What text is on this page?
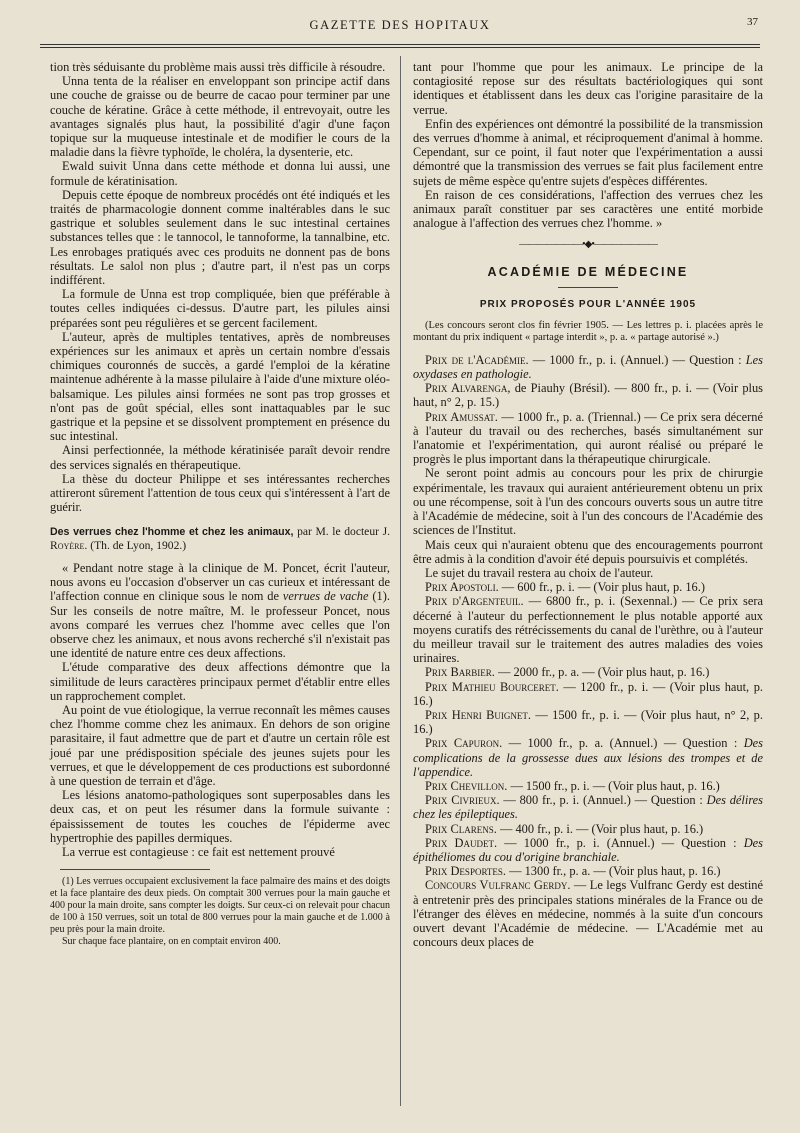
GAZETTE DES HOPITAUX	37

tion très séduisante du problème mais aussi très difficile à résoudre.

Unna tenta de la réaliser en enveloppant son principe actif dans une couche de graisse ou de beurre de cacao pour terminer par une couche de kératine. Grâce à cette méthode, il entrevoyait, outre les avantages signalés plus haut, la possibilité d'agir d'une façon topique sur la muqueuse intestinale et de modifier le cours de la maladie dans la fièvre typhoïde, le choléra, la dysenterie, etc.

Ewald suivit Unna dans cette méthode et donna lui aussi, une formule de kératinisation.

Depuis cette époque de nombreux procédés ont été indiqués et les traités de pharmacologie donnent comme inaltérables dans le suc gastrique et solubles seulement dans le suc intestinal certaines substances telles que : le tannocol, le tannoforme, la tannalbine, etc. Les enrobages pratiqués avec ces produits ne donnent pas de bons résultats. Le salol non plus ; d'autre part, il n'est pas un corps indifférent.

La formule de Unna est trop compliquée, bien que préférable à toutes celles indiquées ci-dessus. D'autre part, les pilules ainsi préparées sont peu régulières et se gercent facilement.

L'auteur, après de multiples tentatives, après de nombreuses expériences sur les animaux et après un certain nombre d'essais chimiques couronnés de succès, a gardé l'emploi de la kératine maintenue adhérente à la masse pilulaire à l'aide d'une mixture oléo-balsamique. Les pilules ainsi formées ne sont pas trop grosses et n'ont pas de goût spécial, elles sont inattaquables par le suc gastrique et la pepsine et se dissolvent promptement en présence du suc intestinal.

Ainsi perfectionnée, la méthode kératinisée paraît devoir rendre des services signalés en thérapeutique.

La thèse du docteur Philippe et ses intéressantes recherches attireront sûrement l'attention de tous ceux qui s'intéressent à l'art de guérir.

Des verrues chez l'homme et chez les animaux, par M. le docteur J. Royère. (Th. de Lyon, 1902.)

« Pendant notre stage à la clinique de M. Poncet, écrit l'auteur, nous avons eu l'occasion d'observer un cas curieux et intéressant de l'affection connue en clinique sous le nom de verrues de vache (1). Sur les conseils de notre maître, M. le professeur Poncet, nous avons comparé les verrues chez l'homme avec celles que l'on observe chez les animaux, et nous avons recherché s'il n'existait pas une identité de nature entre ces deux affections.

L'étude comparative des deux affections démontre que la similitude de leurs caractères principaux permet d'établir entre elles un rapprochement complet.

Au point de vue étiologique, la verrue reconnaît les mêmes causes chez l'homme comme chez les animaux. En dehors de son origine parasitaire, il faut admettre que de part et d'autre un certain rôle est joué par une prédisposition spéciale des jeunes sujets pour les verrues, et que le développement de ces productions est subordonné à une question de terrain et d'âge.

Les lésions anatomo-pathologiques sont superposables dans les deux cas, et on peut les résumer dans la formule suivante : épaississement de toutes les couches de l'épiderme avec hypertrophie des papilles dermiques.

La verrue est contagieuse : ce fait est nettement prouvé

(1) Les verrues occupaient exclusivement la face palmaire des mains et des doigts et la face plantaire des deux pieds. On comptait 300 verrues pour la main gauche et 400 pour la main droite, sans compter les doigts. Sur ceux-ci on relevait pour chacun de 100 à 150 verrues, soit un total de 800 verrues pour la main gauche et de 1.000 à peu près pour la main droite.

Sur chaque face plantaire, on en comptait environ 400.

tant pour l'homme que pour les animaux. Le principe de la contagiosité repose sur des résultats bactériologiques qui sont identiques et établissent dans les deux cas l'origine parasitaire de la verrue.

Enfin des expériences ont démontré la possibilité de la transmission des verrues d'homme à animal, et réciproquement d'animal à homme. Cependant, sur ce point, il faut noter que l'expérimentation a aussi démontré que la transmission des verrues se fait plus facilement entre sujets de même espèce qu'entre sujets d'espèces différentes.

En raison de ces considérations, l'affection des verrues chez les animaux paraît constituer par ses caractères une entité morbide analogue à l'affection des verrues chez l'homme. »

———————•◆•———————
ACADÉMIE DE MÉDECINE
PRIX PROPOSÉS POUR L'ANNÉE 1905

(Les concours seront clos fin février 1905. — Les lettres p. i. placées après le montant du prix indiquent « partage interdit », p. a. « partage autorisé ».)

Prix de l'Académie. — 1000 fr., p. i. (Annuel.) — Question : Les oxydases en pathologie.

Prix Alvarenga, de Piauhy (Brésil). — 800 fr., p. i. — (Voir plus haut, n° 2, p. 15.)

Prix Amussat. — 1000 fr., p. a. (Triennal.) — Ce prix sera décerné à l'auteur du travail ou des recherches, basés simultanément sur l'anatomie et l'expérimentation, qui auront réalisé ou préparé le progrès le plus important dans la thérapeutique chirurgicale.

Ne seront point admis au concours pour les prix de chirurgie expérimentale, les travaux qui auraient antérieurement obtenu un prix ou une récompense, soit à l'un des concours ouverts sous un autre titre à l'Académie de médecine, soit à l'un des concours de l'Académie des sciences de l'Institut.

Mais ceux qui n'auraient obtenu que des encouragements pourront être admis à la condition d'avoir été depuis poursuivis et complétés.

Le sujet du travail restera au choix de l'auteur.

Prix Apostoli. — 600 fr., p. i. — (Voir plus haut, p. 16.)

Prix d'Argenteuil. — 6800 fr., p. i. (Sexennal.) — Ce prix sera décerné à l'auteur du perfectionnement le plus notable apporté aux moyens curatifs des rétrécissements du canal de l'urèthre, ou à l'auteur du meilleur travail sur le traitement des autres maladies des voies urinaires.

Prix Barbier. — 2000 fr., p. a. — (Voir plus haut, p. 16.)

Prix Mathieu Bourceret. — 1200 fr., p. i. — (Voir plus haut, p. 16.)

Prix Henri Buignet. — 1500 fr., p. i. — (Voir plus haut, n° 2, p. 16.)

Prix Capuron. — 1000 fr., p. a. (Annuel.) — Question : Des complications de la grossesse dues aux lésions des trompes et de l'appendice.

Prix Chevillon. — 1500 fr., p. i. — (Voir plus haut, p. 16.)

Prix Civrieux. — 800 fr., p. i. (Annuel.) — Question : Des délires chez les épileptiques.

Prix Clarens. — 400 fr., p. i. — (Voir plus haut, p. 16.)

Prix Daudet. — 1000 fr., p. i. (Annuel.) — Question : Des épithéliomes du cou d'origine branchiale.

Prix Desportes. — 1300 fr., p. a. — (Voir plus haut, p. 16.)

Concours Vulfranc Gerdy. — Le legs Vulfranc Gerdy est destiné à entretenir près des principales stations minérales de la France ou de l'étranger des élèves en médecine, nommés à la suite d'un concours ouvert devant l'Académie de médecine. — L'Académie met au concours deux places de
